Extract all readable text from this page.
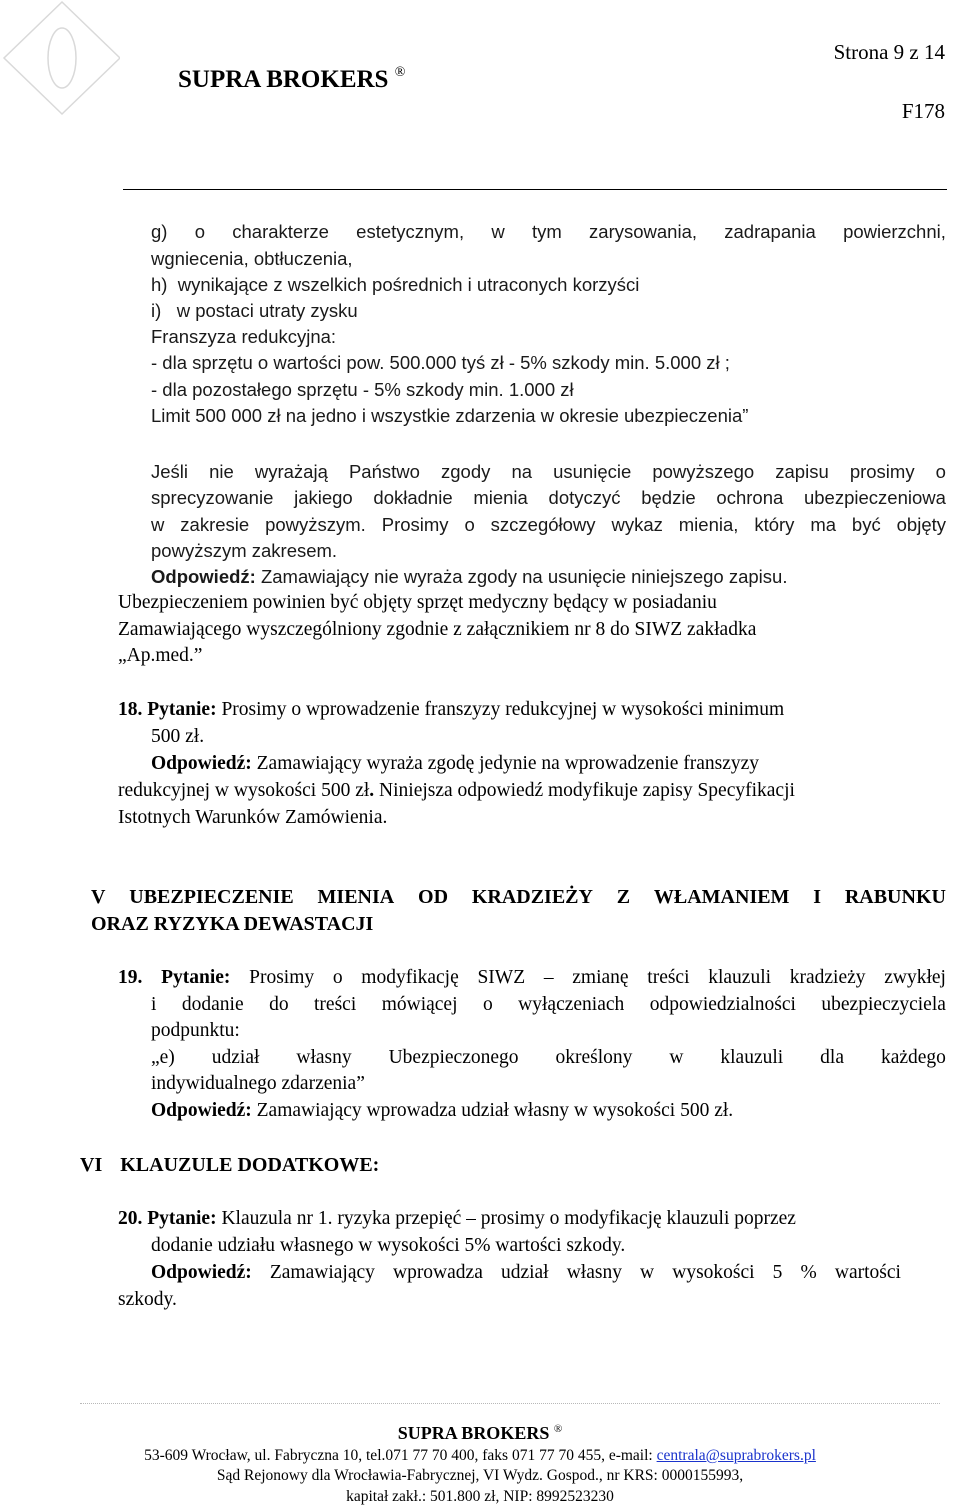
SUPRA BROKERS ®
Strona 9 z 14
F178
g) o charakterze estetycznym, w tym zarysowania, zadrapania powierzchni,
wgniecenia, obtłuczenia,
h)  wynikające z wszelkich pośrednich i utraconych korzyści
i)   w postaci utraty zysku
Franszyza redukcyjna:
- dla sprzętu o wartości pow. 500.000 tyś zł - 5% szkody min. 5.000 zł ;
- dla pozostałego sprzętu - 5% szkody min. 1.000 zł
Limit 500 000 zł na jedno i wszystkie zdarzenia w okresie ubezpieczenia”
Jeśli nie wyrażają Państwo zgody na usunięcie powyższego zapisu prosimy o
sprecyzowanie jakiego dokładnie mienia dotyczyć będzie ochrona ubezpieczeniowa
w zakresie powyższym. Prosimy o szczegółowy wykaz mienia, który ma być objęty
powyższym zakresem.
Odpowiedź: Zamawiający nie wyraża zgody na usunięcie niniejszego zapisu.
Ubezpieczeniem powinien być objęty sprzęt medyczny będący w posiadaniu
Zamawiającego wyszczególniony zgodnie z załącznikiem nr 8 do SIWZ zakładka
„Ap.med.”
18. Pytanie: Prosimy o wprowadzenie franszyzy redukcyjnej w wysokości minimum
500 zł.
Odpowiedź: Zamawiający wyraża zgodę jedynie na wprowadzenie franszyzy
redukcyjnej w wysokości 500 zł. Niniejsza odpowiedź modyfikuje zapisy Specyfikacji
Istotnych Warunków Zamówienia.
V UBEZPIECZENIE MIENIA OD KRADZIEŻY Z WŁAMANIEM I RABUNKU
ORAZ RYZYKA DEWASTACJI
19. Pytanie: Prosimy o modyfikację SIWZ – zmianę treści klauzuli kradzieży zwykłej
i dodanie do treści mówiącej o wyłączeniach odpowiedzialności ubezpieczyciela
podpunktu:
„e) udział własny Ubezpieczonego określony w klauzuli dla każdego
indywidualnego zdarzenia”
Odpowiedź: Zamawiający wprowadza udział własny w wysokości 500 zł.
VI KLAUZULE DODATKOWE:
20. Pytanie: Klauzula nr 1. ryzyka przepięć – prosimy o modyfikację klauzuli poprzez
dodanie udziału własnego w wysokości 5% wartości szkody.
Odpowiedź: Zamawiający wprowadza udział własny w wysokości 5 % wartości
szkody.
SUPRA BROKERS ®
53-609 Wrocław, ul. Fabryczna 10, tel.071 77 70 400, faks 071 77 70 455, e-mail: centrala@suprabrokers.pl
Sąd Rejonowy dla Wrocławia-Fabrycznej, VI Wydz. Gospod., nr KRS: 0000155993,
kapitał zakł.: 501.800 zł, NIP: 8992523230
